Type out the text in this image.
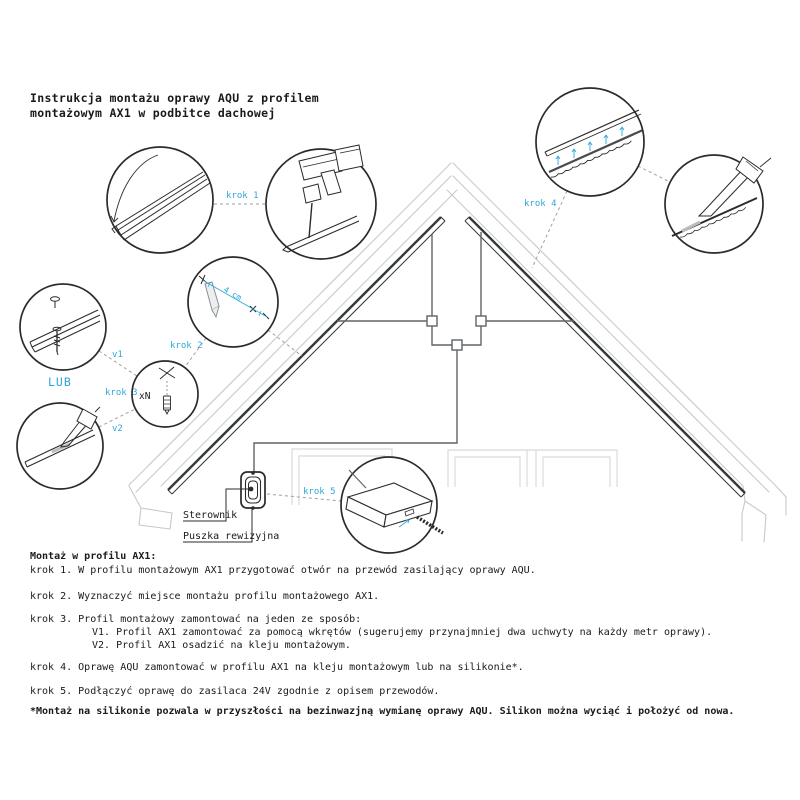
Sterownik
Puszka rewizyjna
4 cm
xN
krok 1
krok 2
krok 3
krok 4
krok 5
v1
v2
LUB
Instrukcja montażu oprawy AQU z profilem
montażowym AX1 w podbitce dachowej
Montaż w profilu AX1:
krok 1. W profilu montażowym AX1 przygotować otwór na przewód zasilający oprawy AQU.
krok 2. Wyznaczyć miejsce montażu profilu montażowego AX1.
krok 3. Profil montażowy zamontować na jeden ze sposób:
V1. Profil AX1 zamontować za pomocą wkrętów (sugerujemy przynajmniej dwa uchwyty na każdy metr oprawy).
V2. Profil AX1 osadzić na kleju montażowym.
krok 4. Oprawę AQU zamontować w profilu AX1 na kleju montażowym lub na silikonie*.
krok 5. Podłączyć oprawę do zasilaca 24V zgodnie z opisem przewodów.
*Montaż na silikonie pozwala w przyszłości na bezinwazjną wymianę oprawy AQU. Silikon można wyciąć i położyć od nowa.
